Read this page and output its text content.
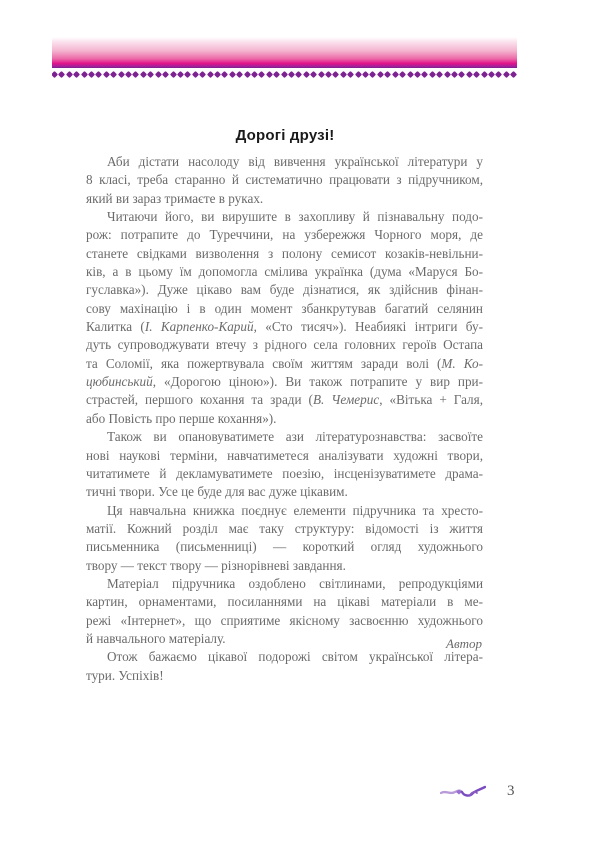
Дорогі друзі!
Аби дістати насолоду від вивчення української літератури у
8 класі, треба старанно й систематично працювати з підручником,
який ви зараз тримаєте в руках.
Читаючи його, ви вирушите в захопливу й пізнавальну подо-
рож: потрапите до Туреччини, на узбережжя Чорного моря, де
станете свідками визволення з полону семисот козаків-невільни-
ків, а в цьому їм допомогла смілива українка (дума «Маруся Бо-
гуславка»). Дуже цікаво вам буде дізнатися, як здійснив фінан-
сову махінацію і в один момент збанкрутував багатий селянин
Калитка (І. Карпенко-Карий, «Сто тисяч»). Неабиякі інтриги бу-
дуть супроводжувати втечу з рідного села головних героїв Остапа
та Соломії, яка пожертвувала своїм життям заради волі (М. Ко-
цюбинський, «Дорогою ціною»). Ви також потрапите у вир при-
страстей, першого кохання та зради (В. Чемерис, «Вітька + Галя,
або Повість про перше кохання»).
Також ви опановуватимете ази літературознавства: засвоїте
нові наукові терміни, навчатиметеся аналізувати художні твори,
читатимете й декламуватимете поезію, інсценізуватимете драма-
тичні твори. Усе це буде для вас дуже цікавим.
Ця навчальна книжка поєднує елементи підручника та хресто-
матії. Кожний розділ має таку структуру: відомості із життя
письменника (письменниці) — короткий огляд художнього
твору — текст твору — різнорівневі завдання.
Матеріал підручника оздоблено світлинами, репродукціями
картин, орнаментами, посиланнями на цікаві матеріали в ме-
режі «Інтернет», що сприятиме якісному засвоєнню художнього
й навчального матеріалу.
Отож бажаємо цікавої подорожі світом української літера-
тури. Успіхів!
Автор
3
